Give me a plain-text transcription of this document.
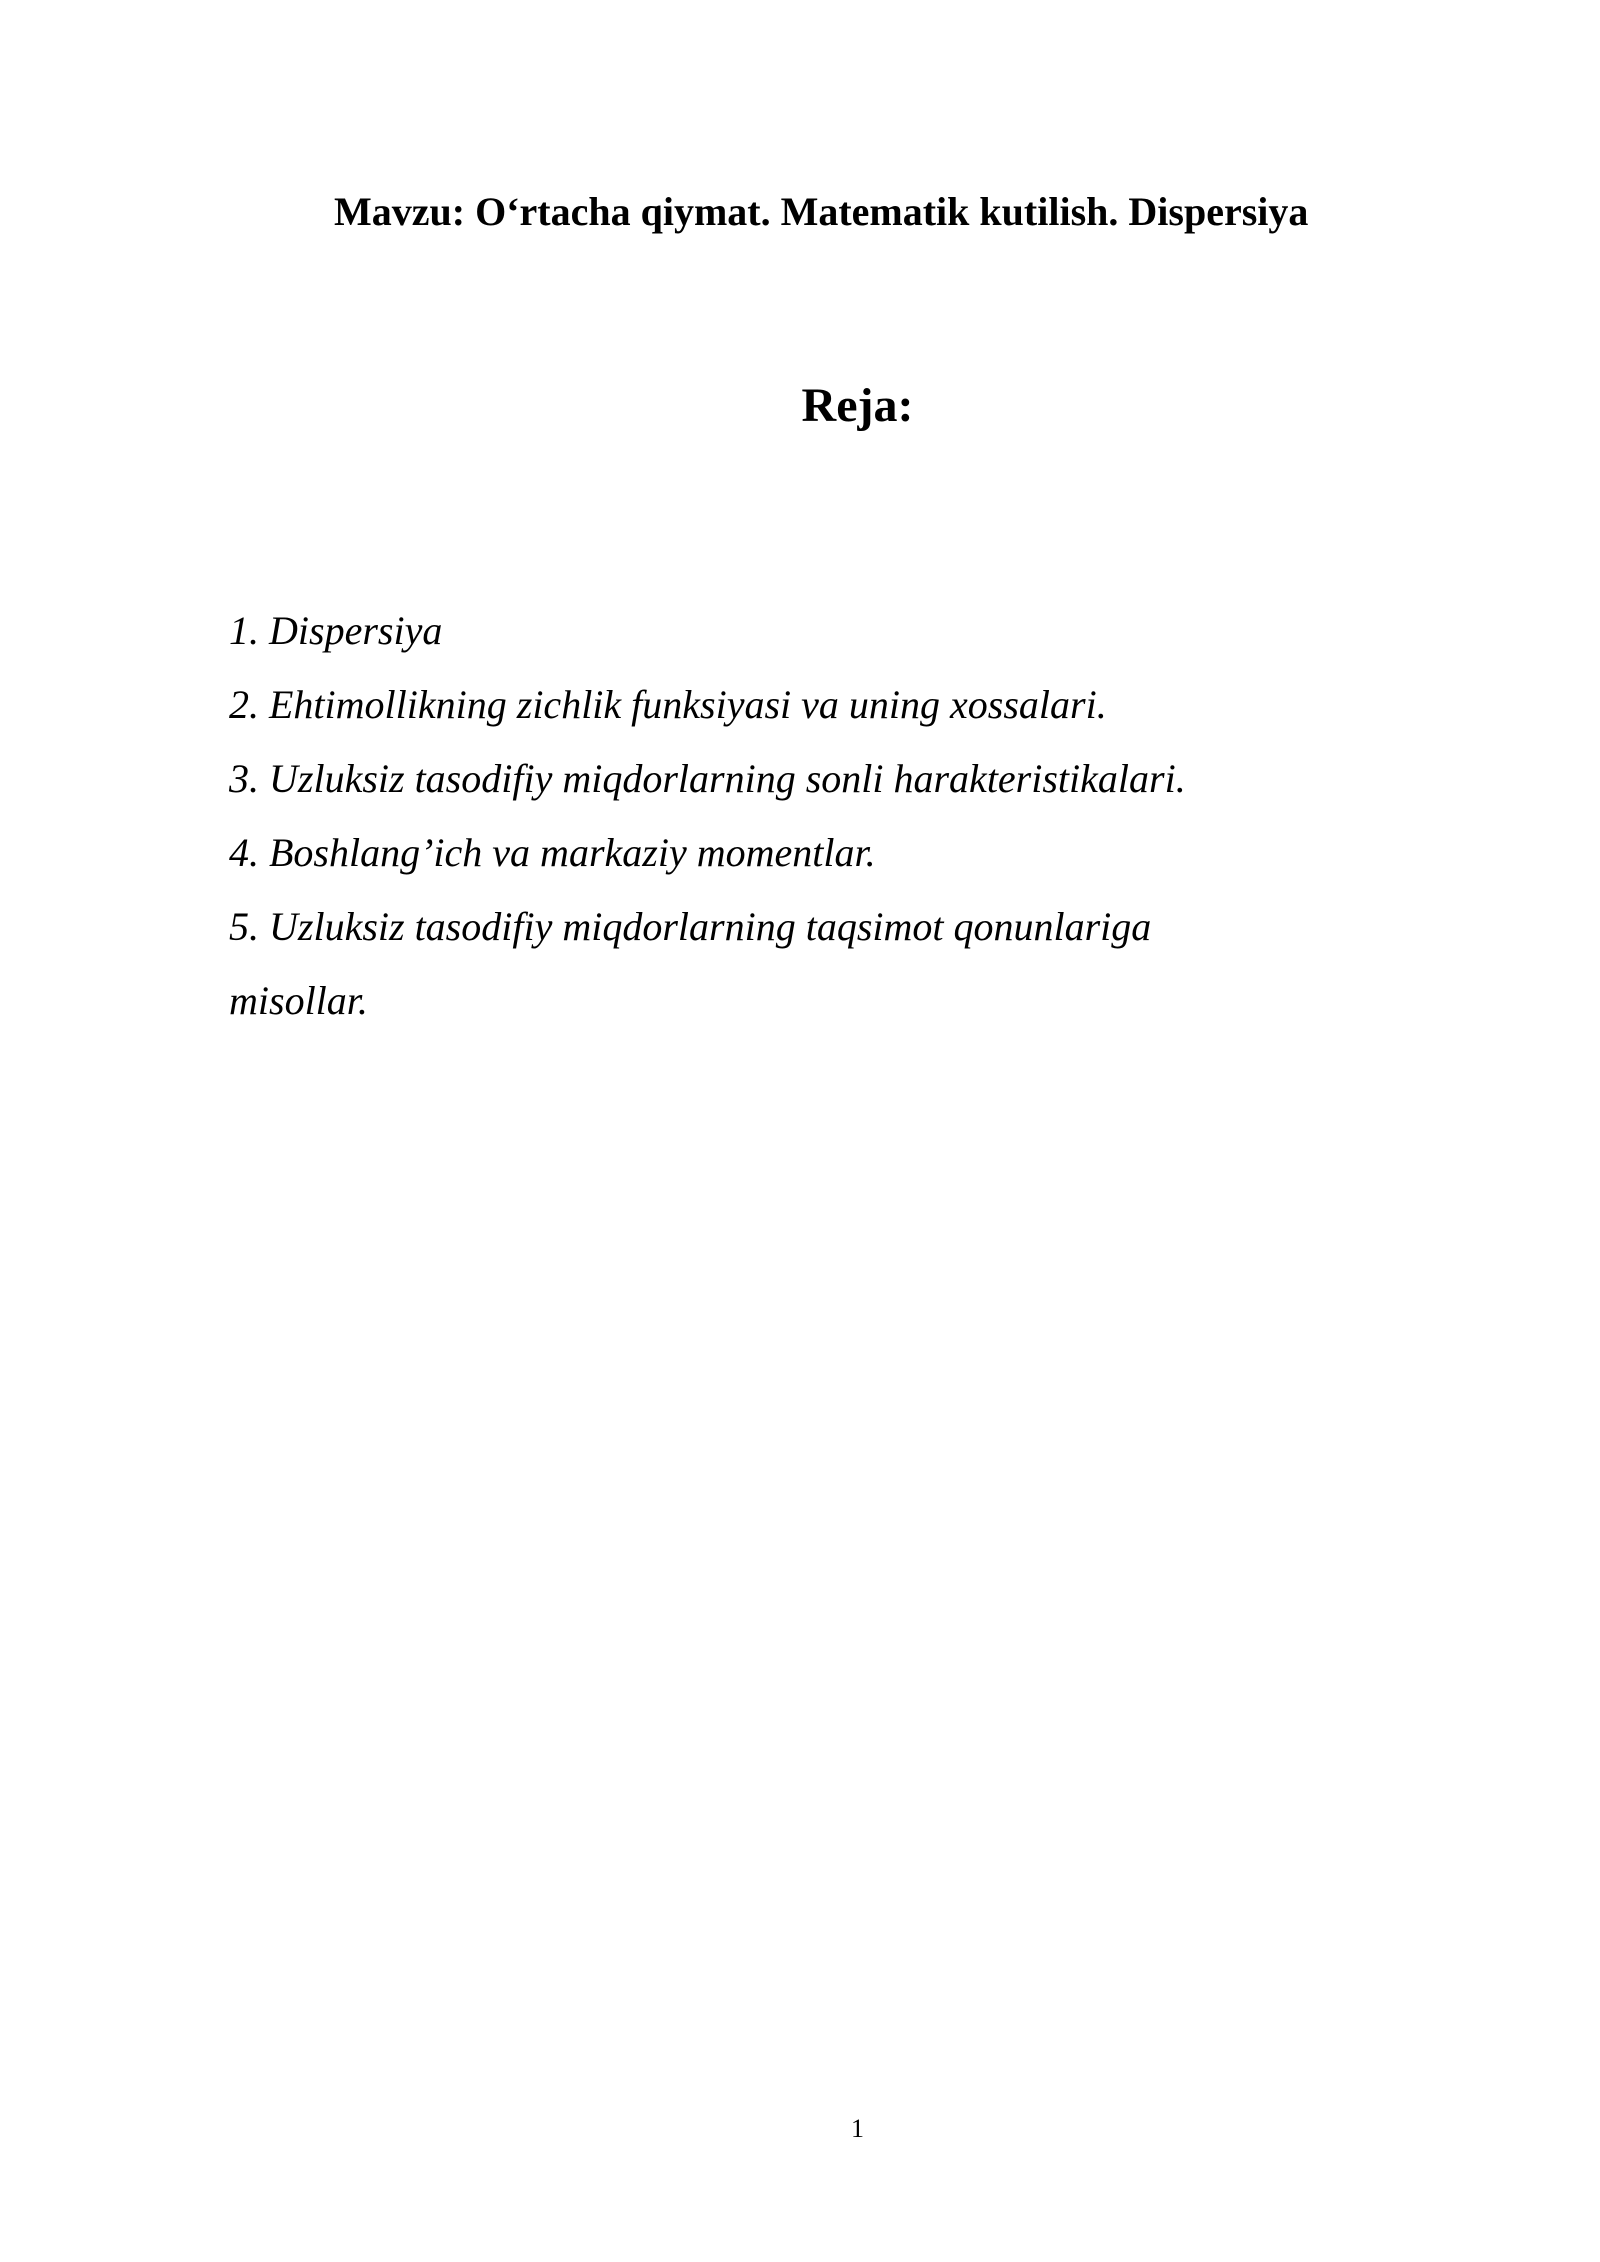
Mavzu: O‘rtacha qiymat. Matematik kutilish. Dispersiya
Reja:
1. Dispersiya
2. Ehtimollikning zichlik funksiyasi va uning xossalari.
3. Uzluksiz tasodifiy miqdorlarning sonli harakteristikalari.
4. Boshlang’ich va markaziy momentlar.
5. Uzluksiz tasodifiy miqdorlarning taqsimot qonunlariga
misollar.
1
